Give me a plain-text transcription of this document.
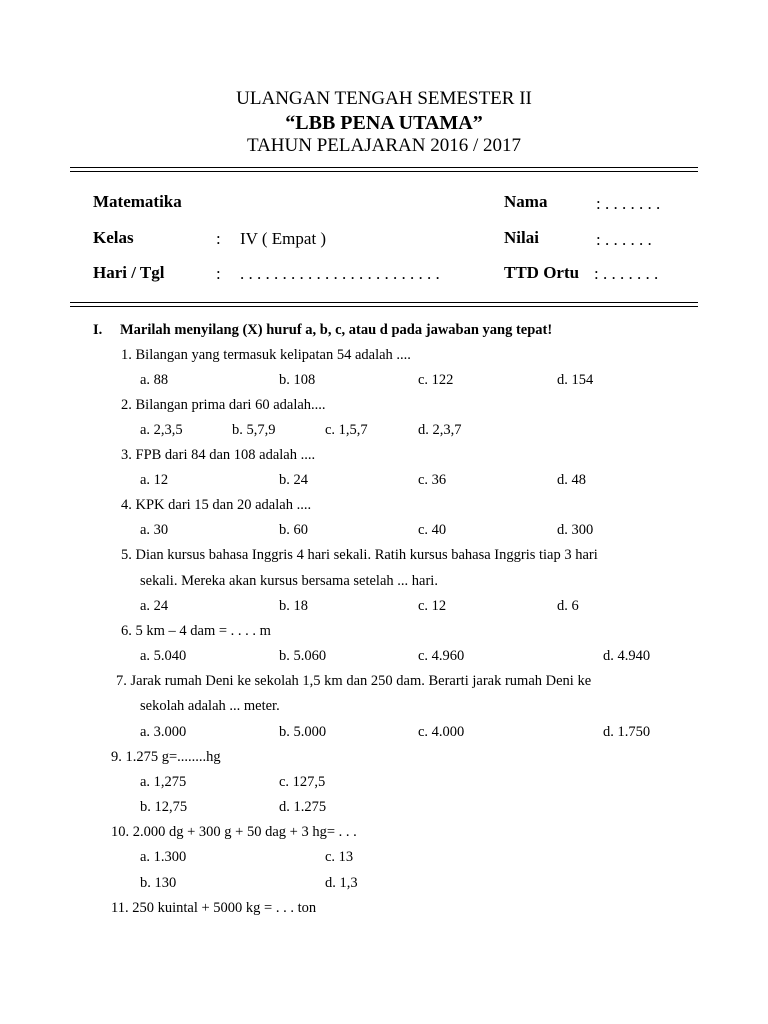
ULANGAN TENGAH SEMESTER II
“LBB PENA UTAMA”
TAHUN PELAJARAN 2016 / 2017
Matematika
Kelas	: IV ( Empat )
Hari / Tgl	: . . . . . . . . . . . . . . . . . . . . . . . .
Nama	: . . . . . . .
Nilai	: . . . . . .
TTD Ortu : . . . . . . .
I. Marilah menyilang (X) huruf a, b, c, atau d pada jawaban yang tepat!
1. Bilangan yang termasuk kelipatan 54 adalah ....
a. 88	b. 108	c. 122	d. 154
2. Bilangan prima dari 60 adalah....
a. 2,3,5	b. 5,7,9	c. 1,5,7	d. 2,3,7
3. FPB dari 84 dan 108 adalah ....
a. 12	b. 24	c. 36	d. 48
4. KPK dari 15 dan 20 adalah ....
a. 30	b. 60	c. 40	d. 300
5. Dian kursus bahasa Inggris 4 hari sekali. Ratih kursus bahasa Inggris tiap 3 hari
sekali. Mereka akan kursus bersama setelah ... hari.
a. 24	b. 18	c. 12	d. 6
6. 5 km – 4 dam = . . . . m
a. 5.040	b. 5.060	c. 4.960	d. 4.940
7. Jarak rumah Deni ke sekolah 1,5 km dan 250 dam. Berarti jarak rumah Deni ke
sekolah adalah ... meter.
a. 3.000	b. 5.000	c. 4.000	d. 1.750
9. 1.275 g=........hg
a. 1,275	c. 127,5
b. 12,75	d. 1.275
10. 2.000 dg + 300 g + 50 dag + 3 hg= . . .
a. 1.300	c. 13
b. 130	d. 1,3
11. 250 kuintal + 5000 kg = . . . ton
